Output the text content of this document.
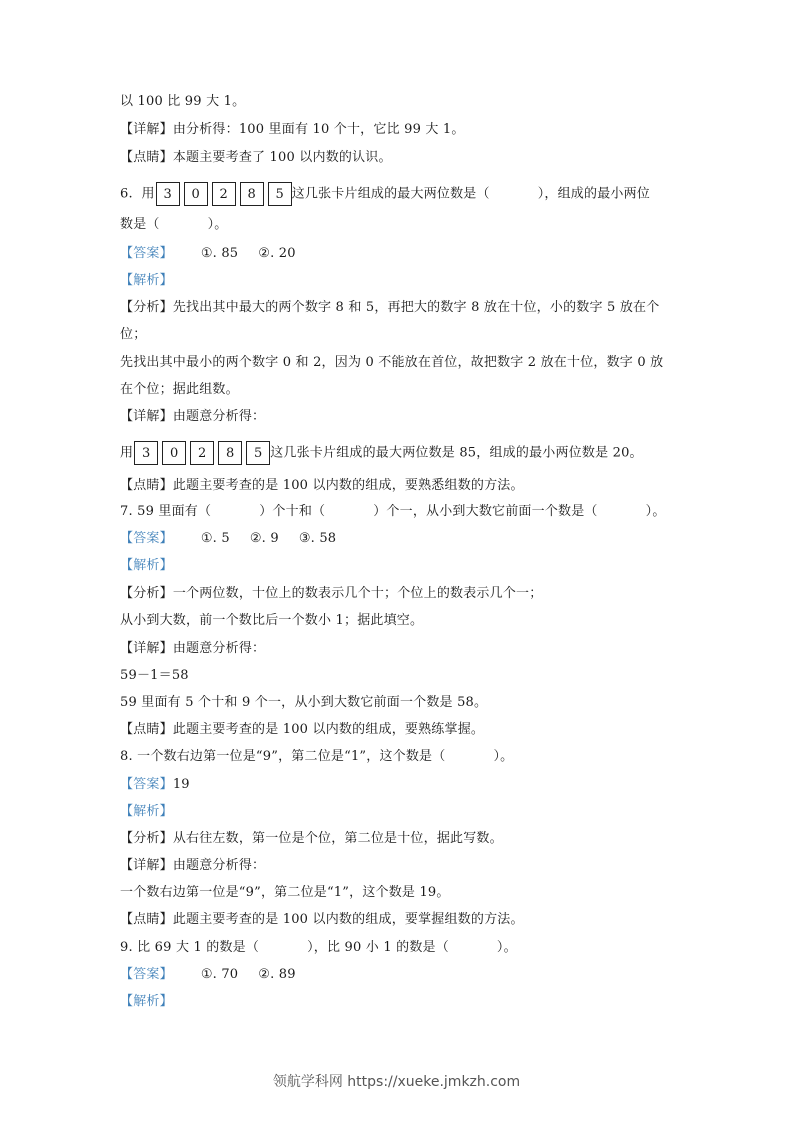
以 100 比 99 大 1。
【详解】由分析得：100 里面有 10 个十，它比 99 大 1。
【点睛】本题主要考查了 100 以内数的认识。
6. 用 3 0 2 8 5 这几张卡片组成的最大两位数是（	），组成的最小两位
数是（	）。
【答案】 ①. 85 ②. 20
【解析】
【分析】先找出其中最大的两个数字 8 和 5，再把大的数字 8 放在十位，小的数字 5 放在个
位；
先找出其中最小的两个数字 0 和 2，因为 0 不能放在首位，故把数字 2 放在十位，数字 0 放
在个位；据此组数。
【详解】由题意分析得：
用 3 0 2 8 5 这几张卡片组成的最大两位数是 85，组成的最小两位数是 20。
【点睛】此题主要考查的是 100 以内数的组成，要熟悉组数的方法。
7. 59 里面有（	）个十和（	）个一，从小到大数它前面一个数是（	）。
【答案】 ①. 5 ②. 9 ③. 58
【解析】
【分析】一个两位数，十位上的数表示几个十；个位上的数表示几个一；
从小到大数，前一个数比后一个数小 1；据此填空。
【详解】由题意分析得：
59－1＝58
59 里面有 5 个十和 9 个一，从小到大数它前面一个数是 58。
【点睛】此题主要考查的是 100 以内数的组成，要熟练掌握。
8. 一个数右边第一位是“9”，第二位是“1”，这个数是（	）。
【答案】19
【解析】
【分析】从右往左数，第一位是个位，第二位是十位，据此写数。
【详解】由题意分析得：
一个数右边第一位是“9”，第二位是“1”，这个数是 19。
【点睛】此题主要考查的是 100 以内数的组成，要掌握组数的方法。
9. 比 69 大 1 的数是（	），比 90 小 1 的数是（	）。
【答案】 ①. 70 ②. 89
【解析】
领航学科网 https://xueke.jmkzh.com
